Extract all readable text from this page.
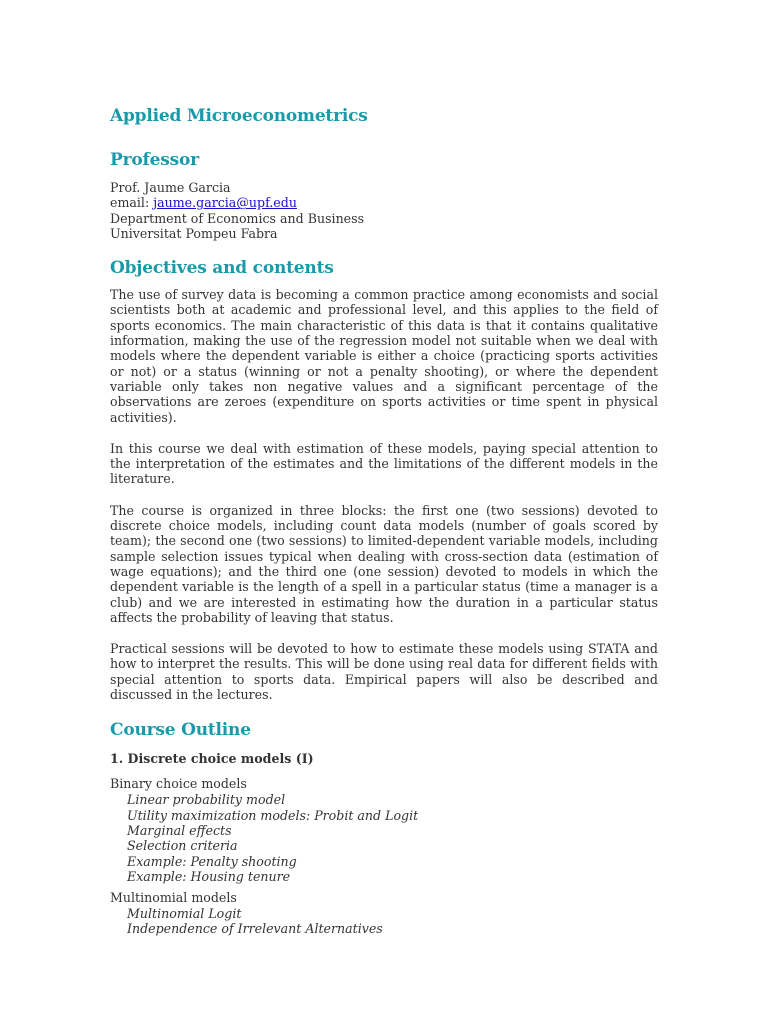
Applied Microeconometrics
Professor
Prof. Jaume Garcia
email: jaume.garcia@upf.edu
Department of Economics and Business
Universitat Pompeu Fabra
Objectives and contents

The use of survey data is becoming a common practice among economists and social scientists both at academic and professional level, and this applies to the field of sports economics. The main characteristic of this data is that it contains qualitative information, making the use of the regression model not suitable when we deal with models where the dependent variable is either a choice (practicing sports activities or not) or a status (winning or not a penalty shooting), or where the dependent variable only takes non negative values and a significant percentage of the observations are zeroes (expenditure on sports activities or time spent in physical activities).

In this course we deal with estimation of these models, paying special attention to the interpretation of the estimates and the limitations of the different models in the literature.

The course is organized in three blocks: the first one (two sessions) devoted to discrete choice models, including count data models (number of goals scored by team); the second one (two sessions) to limited-dependent variable models, including sample selection issues typical when dealing with cross-section data (estimation of wage equations); and the third one (one session) devoted to models in which the dependent variable is the length of a spell in a particular status (time a manager is a club) and we are interested in estimating how the duration in a particular status affects the probability of leaving that status.

Practical sessions will be devoted to how to estimate these models using STATA and how to interpret the results. This will be done using real data for different fields with special attention to sports data. Empirical papers will also be described and discussed in the lectures.

Course Outline
1. Discrete choice models (I)
Binary choice models
Linear probability model
Utility maximization models: Probit and Logit
Marginal effects
Selection criteria
Example: Penalty shooting
Example: Housing tenure
Multinomial models
Multinomial Logit
Independence of Irrelevant Alternatives
